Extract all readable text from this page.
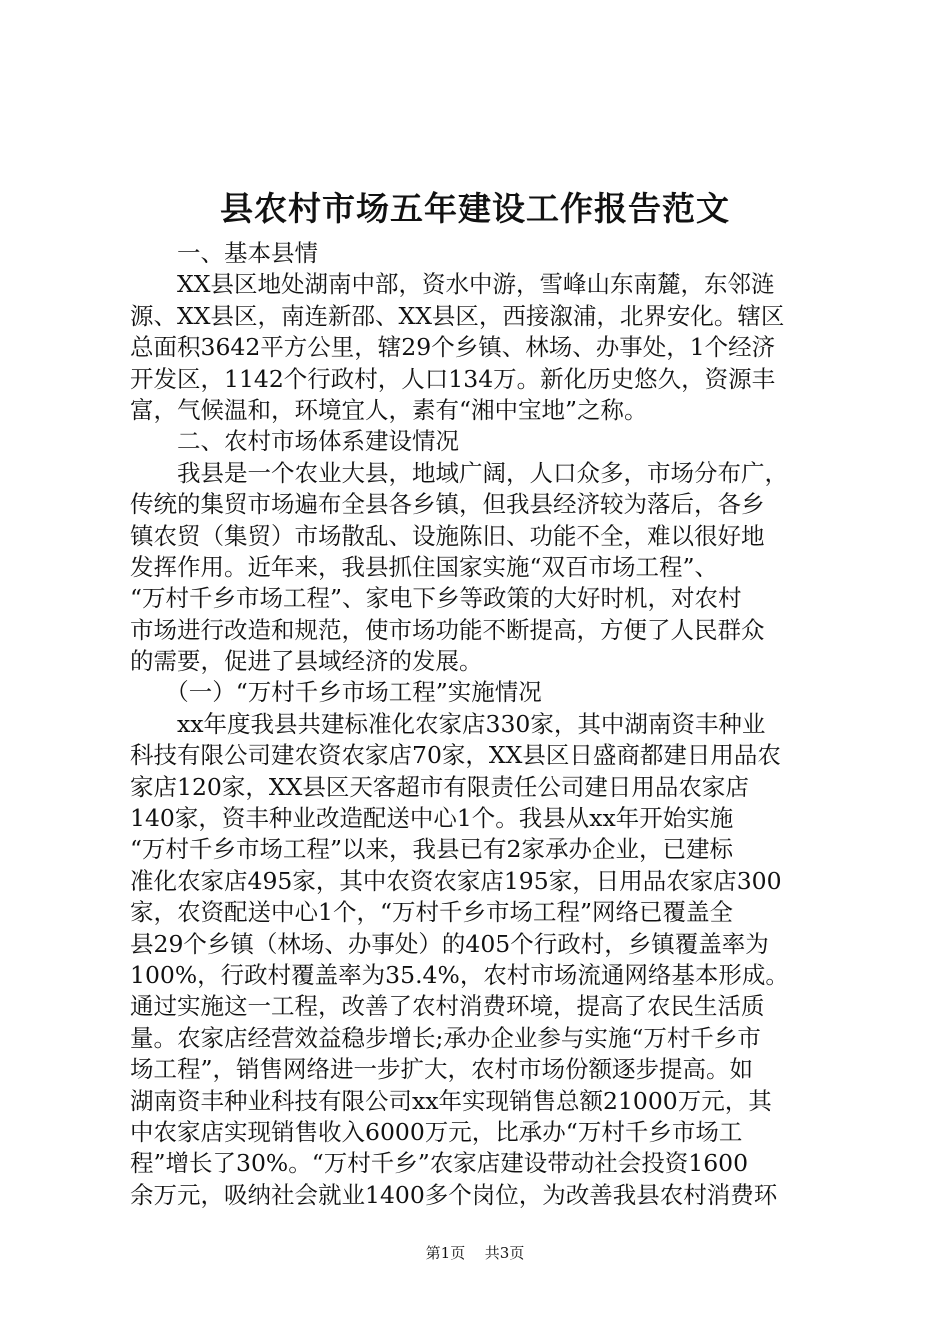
县农村市场五年建设工作报告范文
　　一、基本县情
　　XX县区地处湖南中部，资水中游，雪峰山东南麓，东邻涟
源、XX县区，南连新邵、XX县区，西接溆浦，北界安化。辖区
总面积3642平方公里，辖29个乡镇、林场、办事处，1个经济
开发区，1142个行政村，人口134万。新化历史悠久，资源丰
富，气候温和，环境宜人，素有“湘中宝地”之称。
　　二、农村市场体系建设情况
　　我县是一个农业大县，地域广阔，人口众多，市场分布广，
传统的集贸市场遍布全县各乡镇，但我县经济较为落后，各乡
镇农贸（集贸）市场散乱、设施陈旧、功能不全，难以很好地
发挥作用。近年来，我县抓住国家实施“双百市场工程”、
“万村千乡市场工程”、家电下乡等政策的大好时机，对农村
市场进行改造和规范，使市场功能不断提高，方便了人民群众
的需要，促进了县域经济的发展。
　　（一）“万村千乡市场工程”实施情况
　　xx年度我县共建标准化农家店330家，其中湖南资丰种业
科技有限公司建农资农家店70家，XX县区日盛商都建日用品农
家店120家，XX县区天客超市有限责任公司建日用品农家店
140家，资丰种业改造配送中心1个。我县从xx年开始实施
“万村千乡市场工程”以来，我县已有2家承办企业，已建标
准化农家店495家，其中农资农家店195家，日用品农家店300
家，农资配送中心1个，“万村千乡市场工程”网络已覆盖全
县29个乡镇（林场、办事处）的405个行政村，乡镇覆盖率为
100%，行政村覆盖率为35.4%，农村市场流通网络基本形成。
通过实施这一工程，改善了农村消费环境，提高了农民生活质
量。农家店经营效益稳步增长;承办企业参与实施“万村千乡市
场工程”，销售网络进一步扩大，农村市场份额逐步提高。如
湖南资丰种业科技有限公司xx年实现销售总额21000万元，其
中农家店实现销售收入6000万元，比承办“万村千乡市场工
程”增长了30%。“万村千乡”农家店建设带动社会投资1600
余万元，吸纳社会就业1400多个岗位，为改善我县农村消费环
第1页 共3页
